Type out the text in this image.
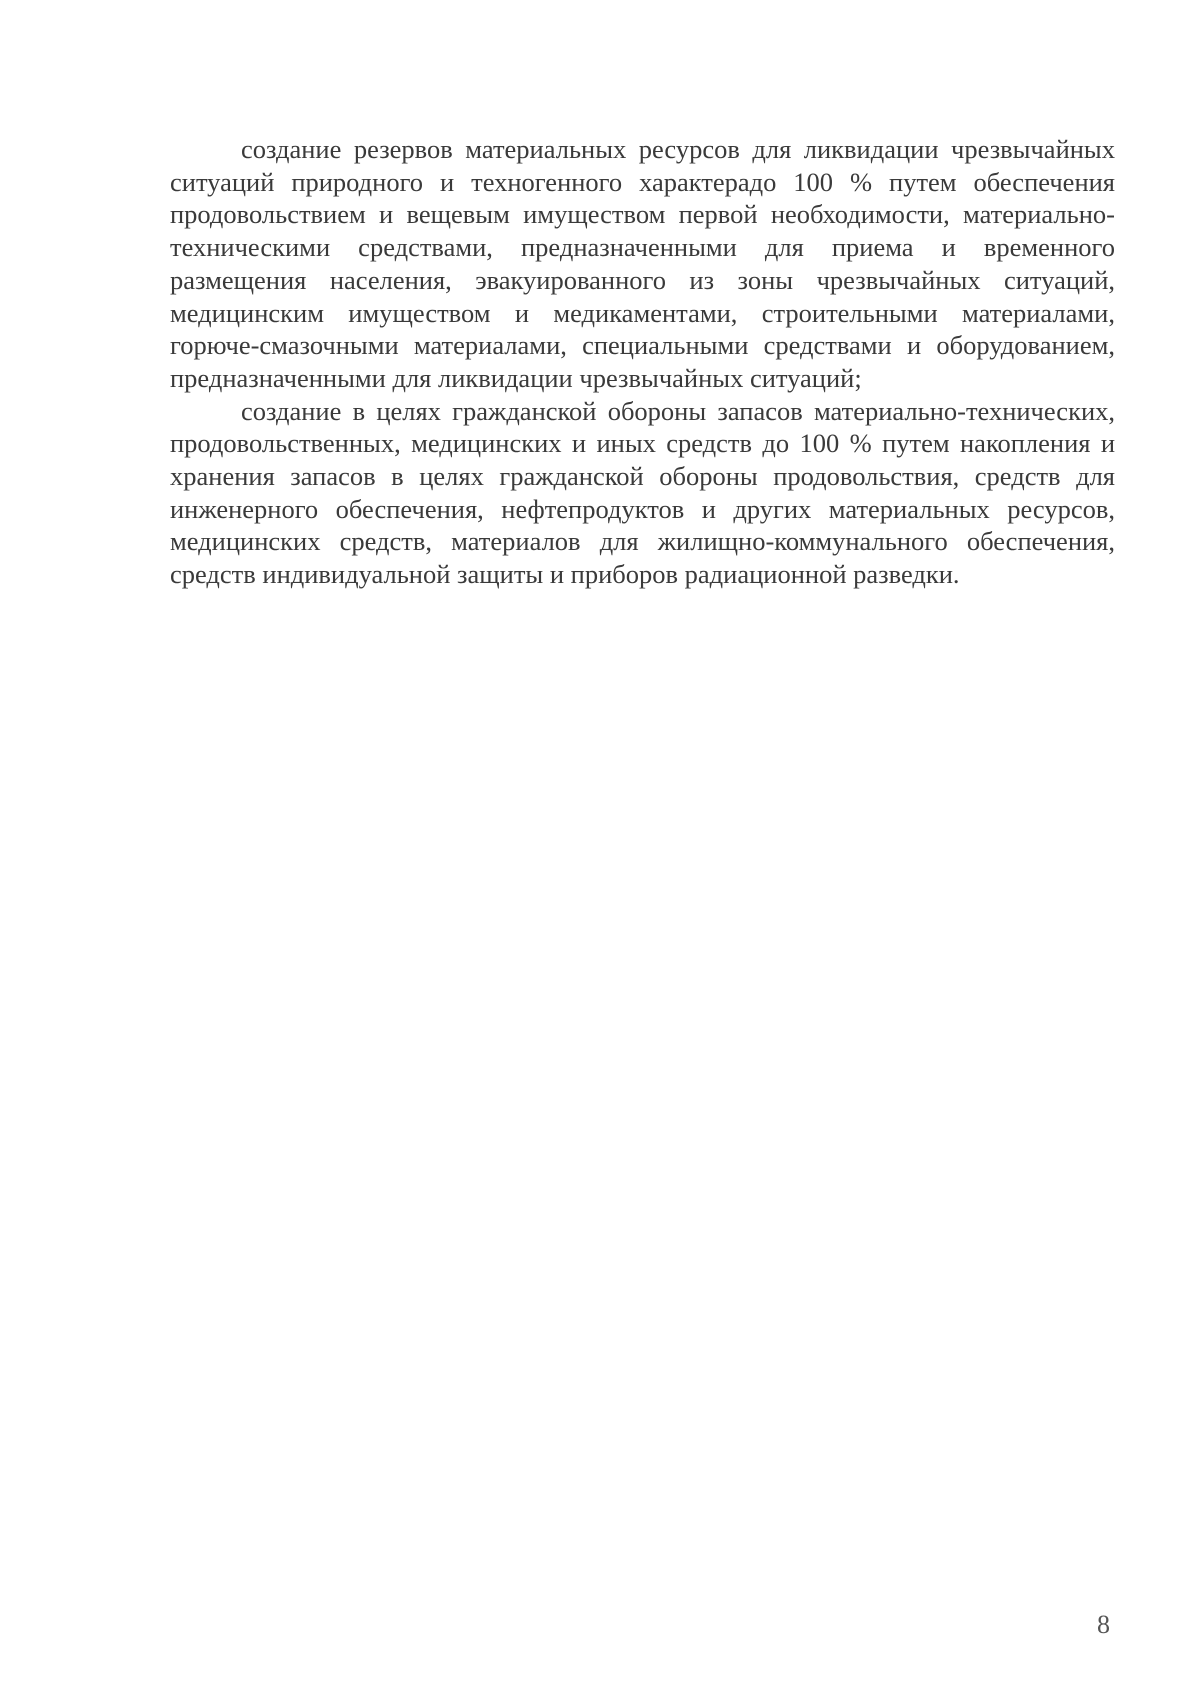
создание резервов материальных ресурсов для ликвидации чрезвычайных ситуаций природного и техногенного характерадо 100 % путем обеспечения продовольствием и вещевым имуществом первой необходимости, материально-техническими средствами, предназначенными для приема и временного размещения населения, эвакуированного из зоны чрезвычайных ситуаций, медицинским имуществом и медикаментами, строительными материалами, горюче-смазочными материалами, специальными средствами и оборудованием, предназначенными для ликвидации чрезвычайных ситуаций;

создание в целях гражданской обороны запасов материально-технических, продовольственных, медицинских и иных средств до 100 % путем накопления и хранения запасов в целях гражданской обороны продовольствия, средств для инженерного обеспечения, нефтепродуктов и других материальных ресурсов, медицинских средств, материалов для жилищно-коммунального обеспечения, средств индивидуальной защиты и приборов радиационной разведки.

8
